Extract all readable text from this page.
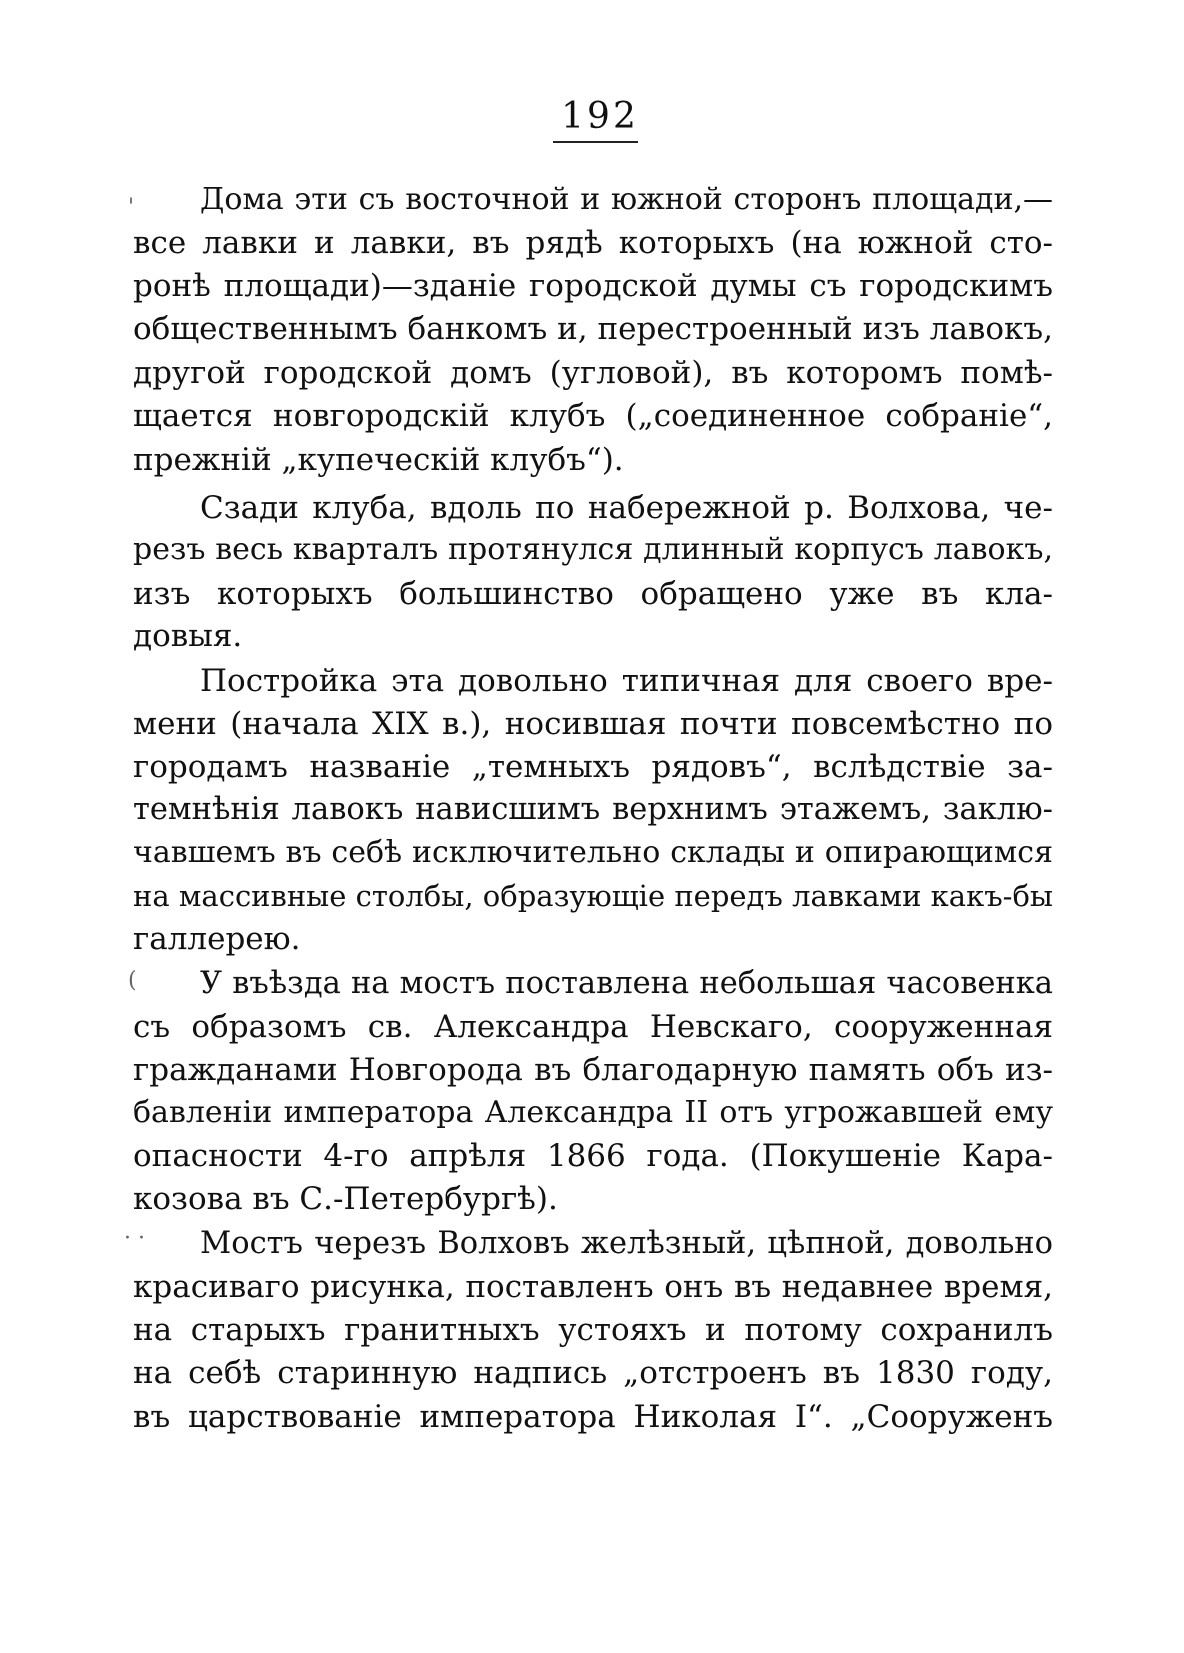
192
'
(
· ·
Дома эти съ восточной и южной сторонъ площади,—
все лавки и лавки, въ рядѣ которыхъ (на южной сто-
ронѣ площади)—зданіе городской думы съ городскимъ
общественнымъ банкомъ и, перестроенный изъ лавокъ,
другой городской домъ (угловой), въ которомъ помѣ-
щается новгородскій клубъ („соединенное собраніе“,
прежній „купеческій клубъ“).
Сзади клуба, вдоль по набережной р. Волхова, че-
резъ весь кварталъ протянулся длинный корпусъ лавокъ,
изъ которыхъ большинство обращено уже въ кла-
довыя.
Постройка эта довольно типичная для своего вре-
мени (начала XIX в.), носившая почти повсемѣстно по
городамъ названіе „темныхъ рядовъ“, вслѣдствіе за-
темнѣнія лавокъ нависшимъ верхнимъ этажемъ, заклю-
чавшемъ въ себѣ исключительно склады и опирающимся
на массивные столбы, образующіе передъ лавками какъ-бы
галлерею.
У въѣзда на мостъ поставлена небольшая часовенка
съ образомъ св. Александра Невскаго, сооруженная
гражданами Новгорода въ благодарную память объ из-
бавленіи императора Александра II отъ угрожавшей ему
опасности 4-го апрѣля 1866 года. (Покушеніе Кара-
козова въ С.-Петербургѣ).
Мостъ черезъ Волховъ желѣзный, цѣпной, довольно
красиваго рисунка, поставленъ онъ въ недавнее время,
на старыхъ гранитныхъ устояхъ и потому сохранилъ
на себѣ старинную надпись „отстроенъ въ 1830 году,
въ царствованіе императора Николая I“. „Сооруженъ
